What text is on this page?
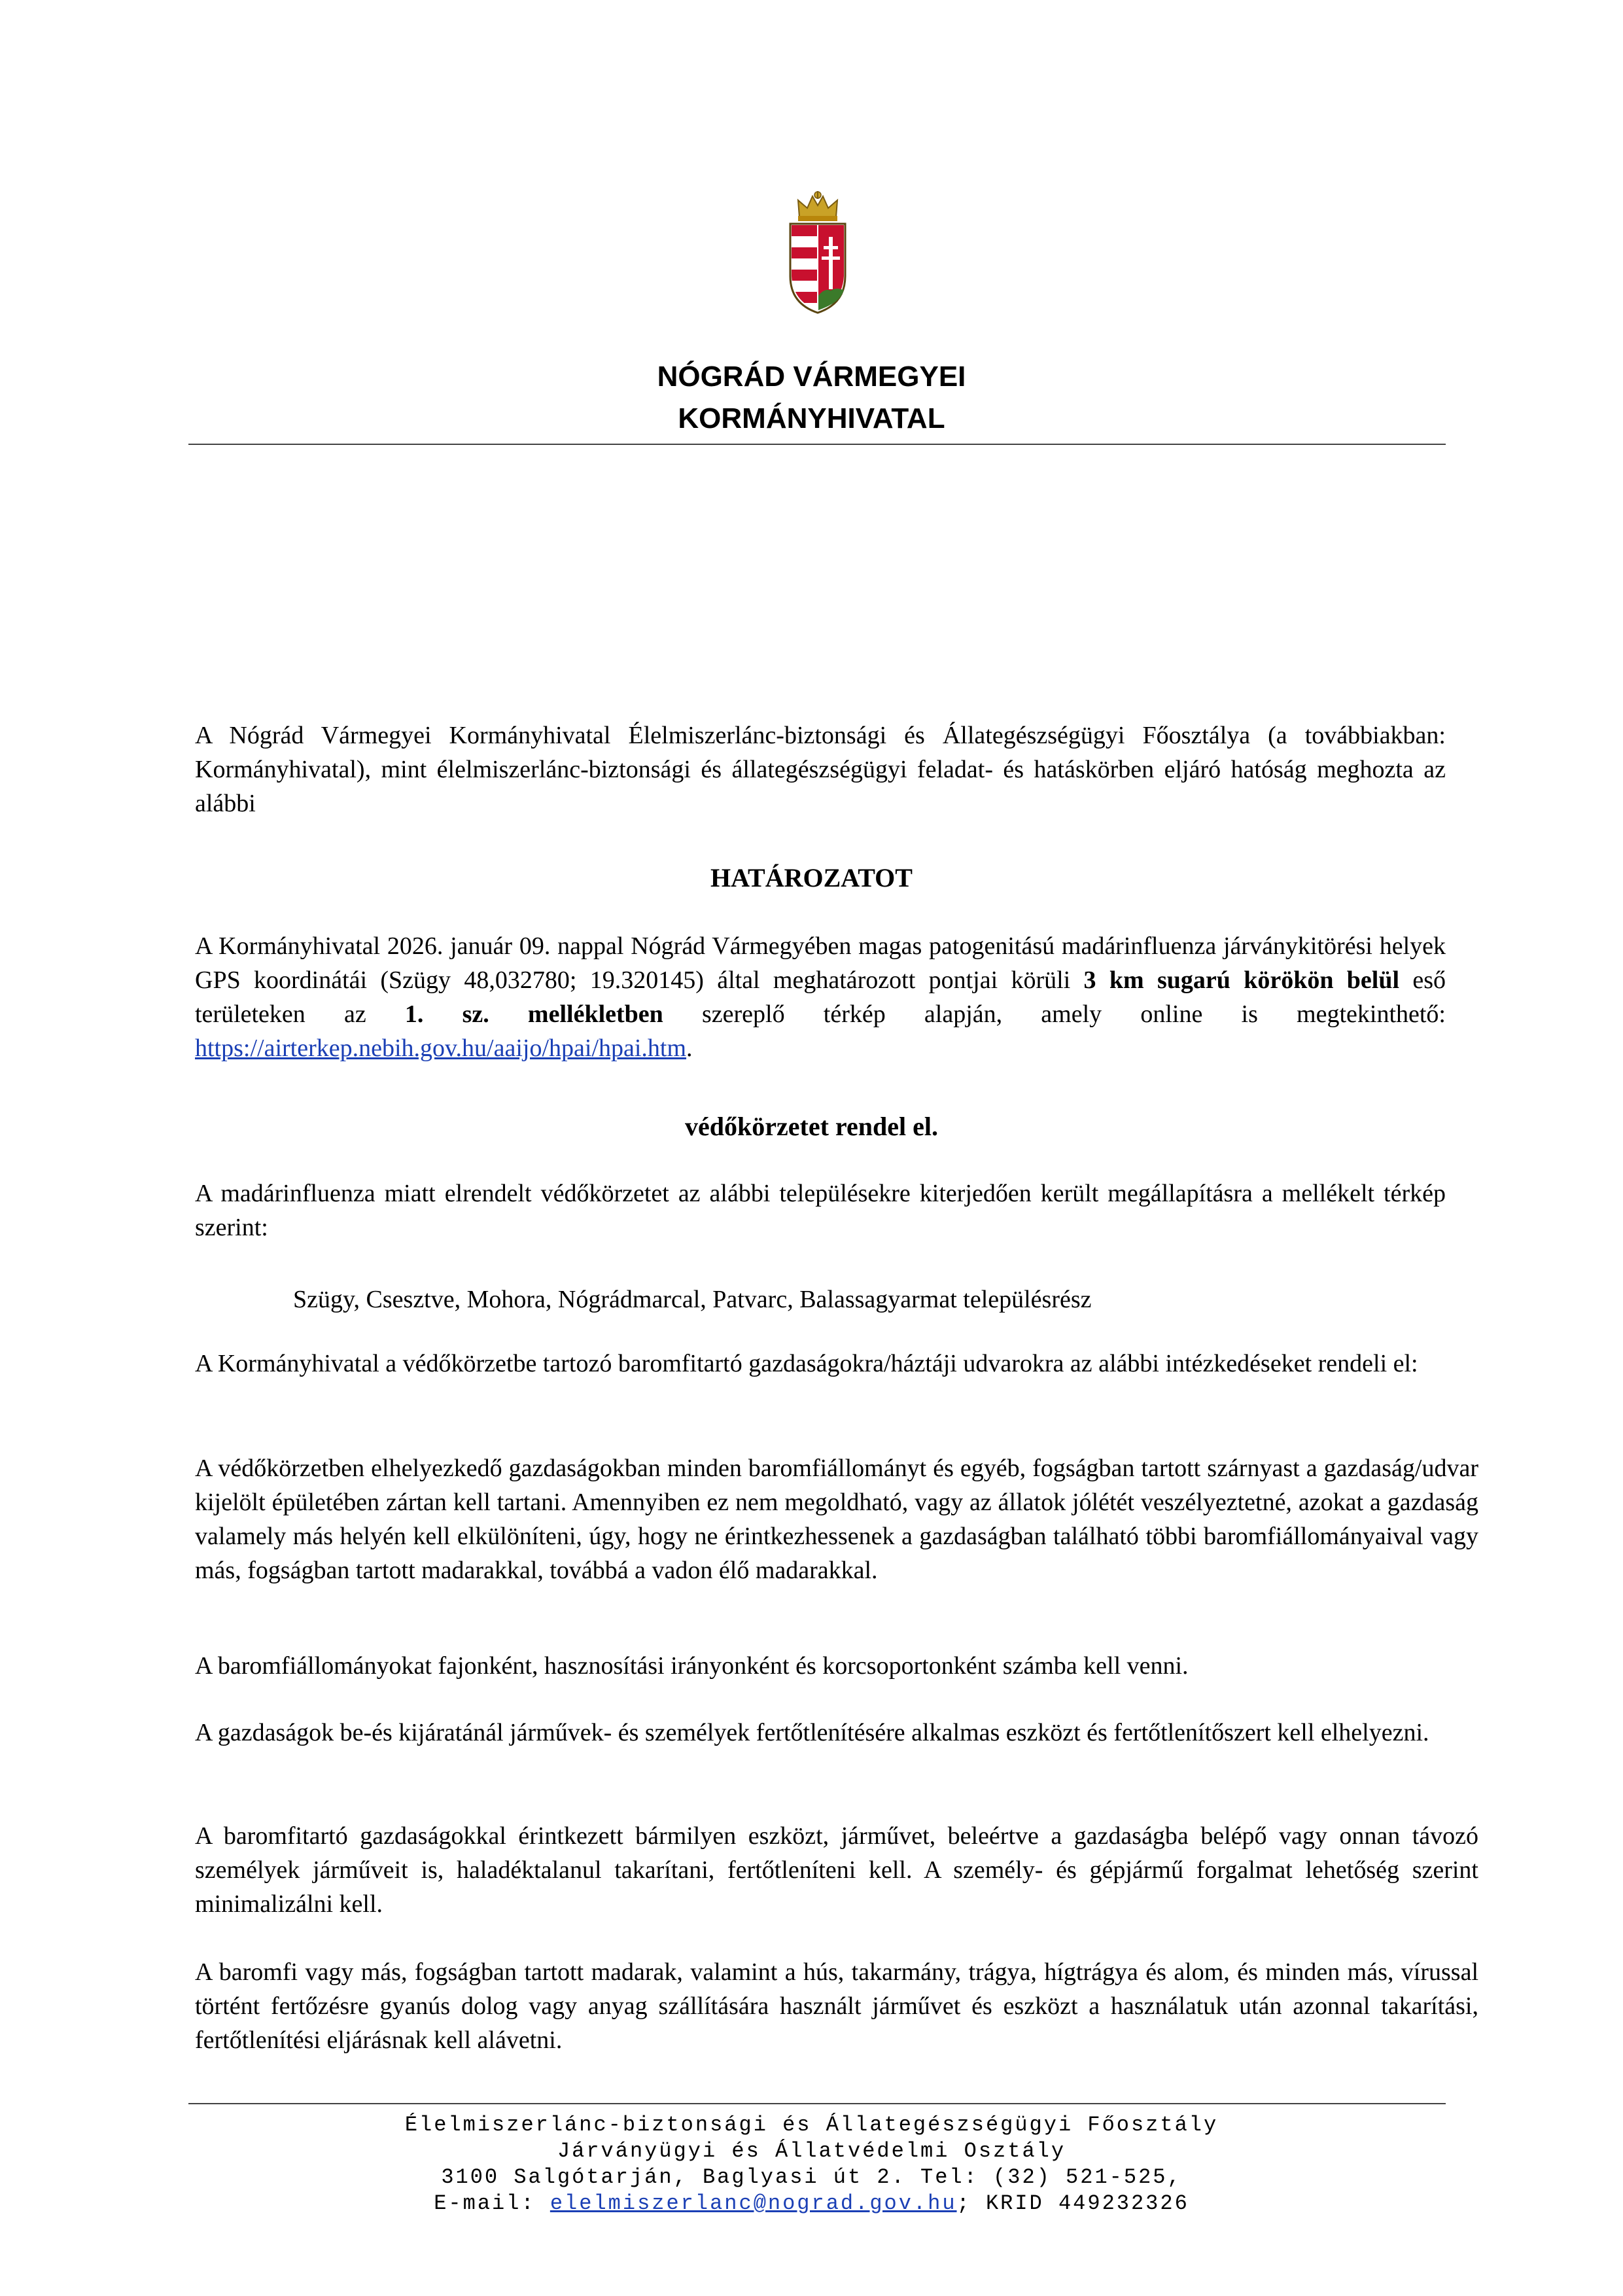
NÓGRÁD VÁRMEGYEI
KORMÁNYHIVATAL

A Nógrád Vármegyei Kormányhivatal Élelmiszerlánc-biztonsági és Állategészségügyi Főosztálya (a továbbiakban: Kormányhivatal), mint élelmiszerlánc-biztonsági és állategészségügyi feladat- és hatáskörben eljáró hatóság meghozta az alábbi

HATÁROZATOT

A Kormányhivatal 2026. január 09. nappal Nógrád Vármegyében magas patogenitású madárinfluenza járványkitörési helyek GPS koordinátái (Szügy 48,032780; 19.320145) által meghatározott pontjai körüli 3 km sugarú körökön belül eső területeken az 1. sz. mellékletben szereplő térkép alapján, amely online is megtekinthető: https://airterkep.nebih.gov.hu/aaijo/hpai/hpai.htm.

védőkörzetet rendel el.

A madárinfluenza miatt elrendelt védőkörzetet az alábbi településekre kiterjedően került megállapításra a mellékelt térkép szerint:

Szügy, Csesztve, Mohora, Nógrádmarcal, Patvarc, Balassagyarmat településrész

A Kormányhivatal a védőkörzetbe tartozó baromfitartó gazdaságokra/háztáji udvarokra az alábbi intézkedéseket rendeli el:

A védőkörzetben elhelyezkedő gazdaságokban minden baromfiállományt és egyéb, fogságban tartott szárnyast a gazdaság/udvar kijelölt épületében zártan kell tartani. Amennyiben ez nem megoldható, vagy az állatok jólétét veszélyeztetné, azokat a gazdaság valamely más helyén kell elkülöníteni, úgy, hogy ne érintkezhessenek a gazdaságban található többi baromfiállományaival vagy más, fogságban tartott madarakkal, továbbá a vadon élő madarakkal.

A baromfiállományokat fajonként, hasznosítási irányonként és korcsoportonként számba kell venni.

A gazdaságok be-és kijáratánál járművek- és személyek fertőtlenítésére alkalmas eszközt és fertőtlenítőszert kell elhelyezni.

A baromfitartó gazdaságokkal érintkezett bármilyen eszközt, járművet, beleértve a gazdaságba belépő vagy onnan távozó személyek járműveit is, haladéktalanul takarítani, fertőtleníteni kell. A személy- és gépjármű forgalmat lehetőség szerint minimalizálni kell.

A baromfi vagy más, fogságban tartott madarak, valamint a hús, takarmány, trágya, hígtrágya és alom, és minden más, vírussal történt fertőzésre gyanús dolog vagy anyag szállítására használt járművet és eszközt a használatuk után azonnal takarítási, fertőtlenítési eljárásnak kell alávetni.

Élelmiszerlánc-biztonsági és Állategészségügyi Főosztály

Járványügyi és Állatvédelmi Osztály

3100 Salgótarján, Baglyasi út 2. Tel: (32) 521-525,

E-mail: elelmiszerlanc@nograd.gov.hu; KRID 449232326
